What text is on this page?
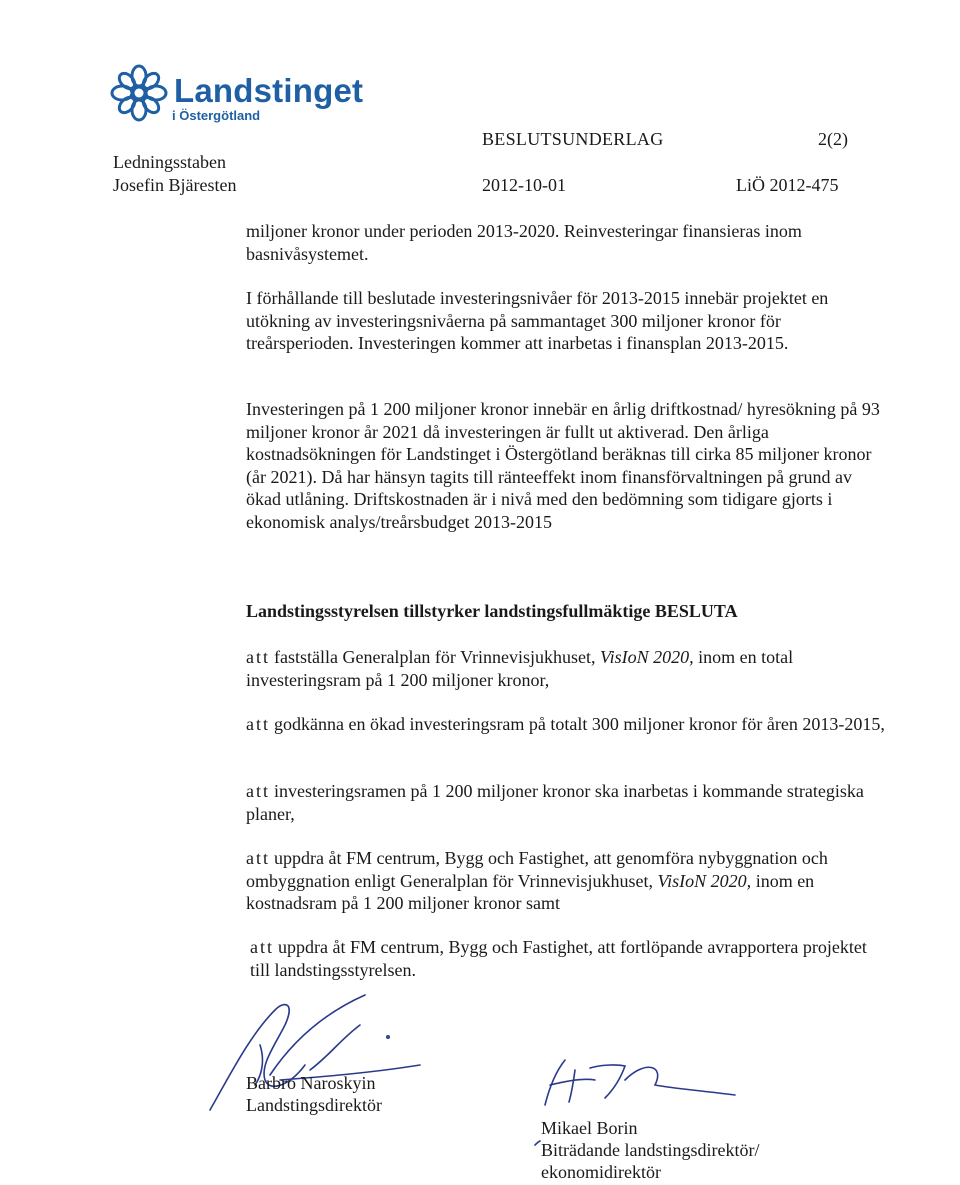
Landstinget
i Östergötland
BESLUTSUNDERLAG	2(2)
Ledningsstaben
Josefin Bjäresten	2012-10-01	LiÖ 2012-475

miljoner kronor under perioden 2013-2020. Reinvesteringar finansieras inom basnivåsystemet.

I förhållande till beslutade investeringsnivåer för 2013-2015 innebär projektet en utökning av investeringsnivåerna på sammantaget 300 miljoner kronor för treårsperioden. Investeringen kommer att inarbetas i finansplan 2013-2015.

Investeringen på 1 200 miljoner kronor innebär en årlig driftkostnad/ hyresökning på 93 miljoner kronor år 2021 då investeringen är fullt ut aktiverad. Den årliga kostnadsökningen för Landstinget i Östergötland beräknas till cirka 85 miljoner kronor (år 2021). Då har hänsyn tagits till ränteeffekt inom finansförvaltningen på grund av ökad utlåning. Driftskostnaden är i nivå med den bedömning som tidigare gjorts i ekonomisk analys/treårsbudget 2013-2015

Landstingsstyrelsen tillstyrker landstingsfullmäktige BESLUTA
att fastställa Generalplan för Vrinnevisjukhuset, VisIoN 2020, inom en total investeringsram på 1 200 miljoner kronor,
att godkänna en ökad investeringsram på totalt 300 miljoner kronor för åren 2013-2015,
att investeringsramen på 1 200 miljoner kronor ska inarbetas i kommande strategiska planer,
att uppdra åt FM centrum, Bygg och Fastighet, att genomföra nybyggnation och ombyggnation enligt Generalplan för Vrinnevisjukhuset, VisIoN 2020, inom en kostnadsram på 1 200 miljoner kronor samt
att uppdra åt FM centrum, Bygg och Fastighet, att fortlöpande avrapportera projektet till landstingsstyrelsen.
Barbro Naroskyin
Landstingsdirektör
Mikael Borin
Biträdande landstingsdirektör/
ekonomidirektör
